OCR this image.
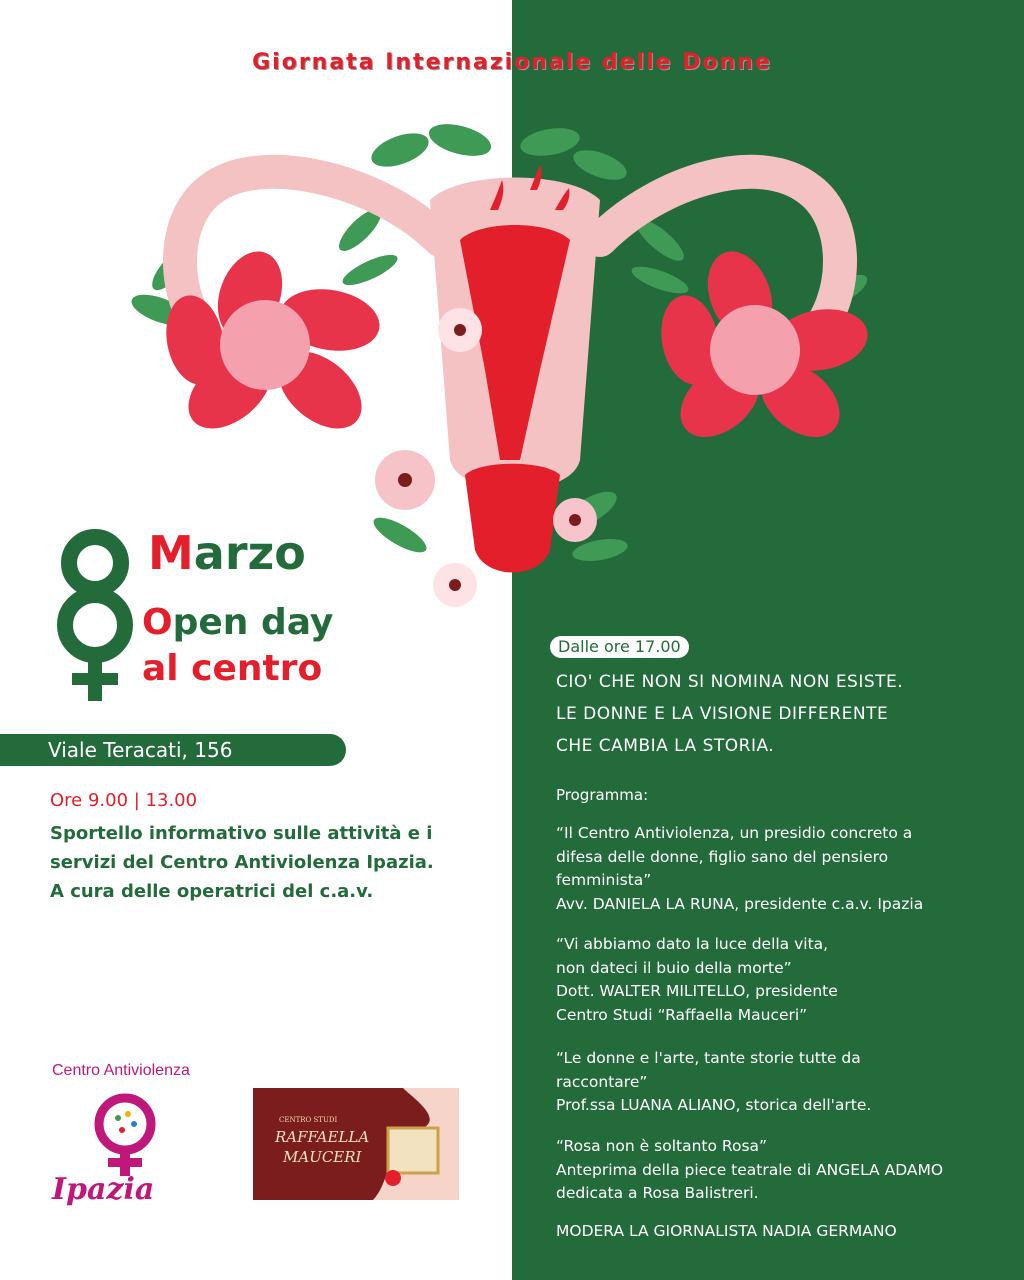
Giornata Internazionale delle Donne
Marzo
Open day
al centro
Viale Teracati, 156
Ore 9.00 | 13.00
Sportello informativo sulle attività e i
servizi del Centro Antiviolenza Ipazia.
A cura delle operatrici del c.a.v.
Centro Antiviolenza
Ipazia
CENTRO STUDI
RAFFAELLA
MAUCERI
Dalle ore 17.00
CIO' CHE NON SI NOMINA NON ESISTE.
LE DONNE E LA VISIONE DIFFERENTE
CHE CAMBIA LA STORIA.
Programma:
“Il Centro Antiviolenza, un presidio concreto a
difesa delle donne, figlio sano del pensiero
femminista”
Avv. DANIELA LA RUNA, presidente c.a.v. Ipazia
“Vi abbiamo dato la luce della vita,
non dateci il buio della morte”
Dott. WALTER MILITELLO, presidente
Centro Studi “Raffaella Mauceri”
“Le donne e l'arte, tante storie tutte da
raccontare”
Prof.ssa LUANA ALIANO, storica dell'arte.
“Rosa non è soltanto Rosa”
Anteprima della piece teatrale di ANGELA ADAMO
dedicata a Rosa Balistreri.
MODERA LA GIORNALISTA NADIA GERMANO
